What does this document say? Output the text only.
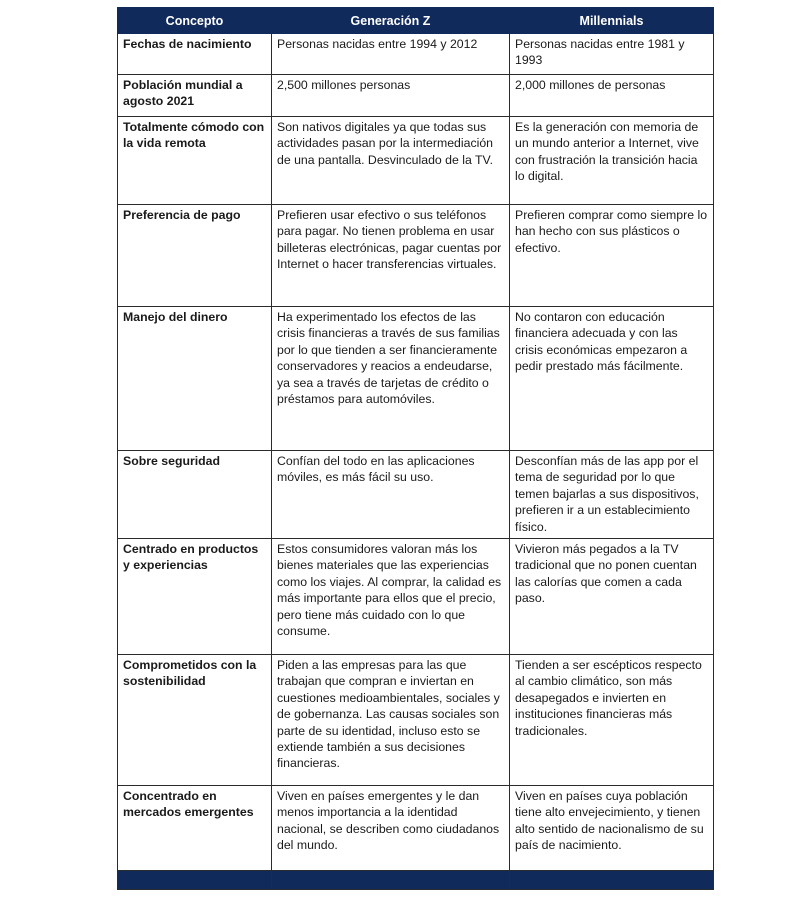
Concepto	Generación Z	Millennials
Fechas de nacimiento	Personas nacidas entre 1994 y 2012	Personas nacidas entre 1981 y 1993
Población mundial a agosto 2021	2,500 millones personas	2,000 millones de personas
Totalmente cómodo con la vida remota	Son nativos digitales ya que todas sus actividades pasan por la intermediación de una pantalla. Desvinculado de la TV.	Es la generación con memoria de un mundo anterior a Internet, vive con frustración la transición hacia lo digital.
Preferencia de pago	Prefieren usar efectivo o sus teléfonos para pagar. No tienen problema en usar billeteras electrónicas, pagar cuentas por Internet o hacer transferencias virtuales.	Prefieren comprar como siempre lo han hecho con sus plásticos o efectivo.
Manejo del dinero	Ha experimentado los efectos de las crisis financieras a través de sus familias por lo que tienden a ser financieramente conservadores y reacios a endeudarse, ya sea a través de tarjetas de crédito o préstamos para automóviles.	No contaron con educación financiera adecuada y con las crisis económicas empezaron a pedir prestado más fácilmente.
Sobre seguridad	Confían del todo en las aplicaciones móviles, es más fácil su uso.	Desconfían más de las app por el tema de seguridad por lo que temen bajarlas a sus dispositivos, prefieren ir a un establecimiento físico.
Centrado en productos y experiencias	Estos consumidores valoran más los bienes materiales que las experiencias como los viajes. Al comprar, la calidad es más importante para ellos que el precio, pero tiene más cuidado con lo que consume.	Vivieron más pegados a la TV tradicional que no ponen cuentan las calorías que comen a cada paso.
Comprometidos con la sostenibilidad	Piden a las empresas para las que trabajan que compran e inviertan en cuestiones medioambientales, sociales y de gobernanza. Las causas sociales son parte de su identidad, incluso esto se extiende también a sus decisiones financieras.	Tienden a ser escépticos respecto al cambio climático, son más desapegados e invierten en instituciones financieras más tradicionales.
Concentrado en mercados emergentes	Viven en países emergentes y le dan menos importancia a la identidad nacional, se describen como ciudadanos del mundo.	Viven en países cuya población tiene alto envejecimiento, y tienen alto sentido de nacionalismo de su país de nacimiento.
